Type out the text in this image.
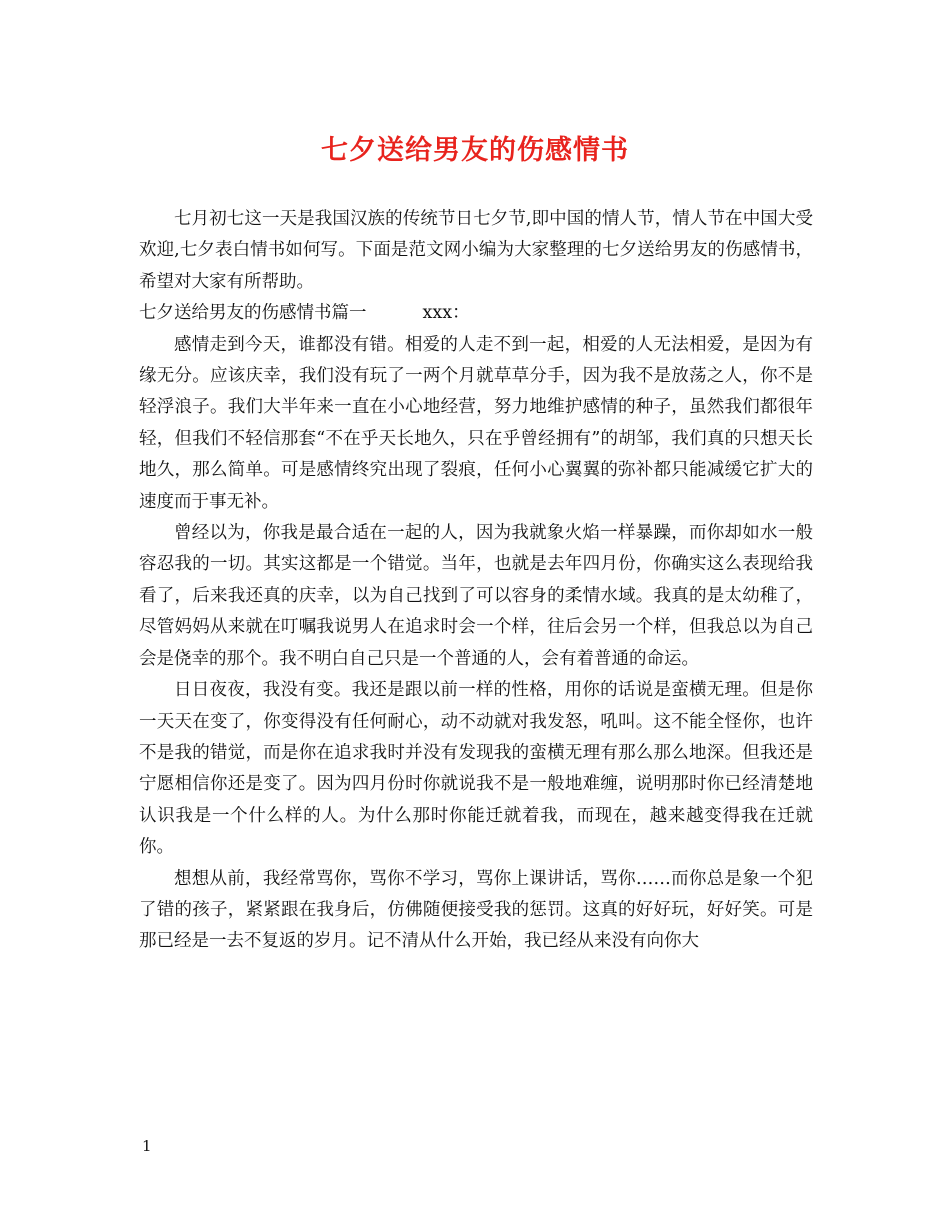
七夕送给男友的伤感情书

七月初七这一天是我国汉族的传统节日七夕节,即中国的情人节，情人节在中国大受欢迎,七夕表白情书如何写。下面是范文网小编为大家整理的七夕送给男友的伤感情书，希望对大家有所帮助。

七夕送给男友的伤感情书篇一	xxx：

感情走到今天，谁都没有错。相爱的人走不到一起，相爱的人无法相爱，是因为有缘无分。应该庆幸，我们没有玩了一两个月就草草分手，因为我不是放荡之人，你不是轻浮浪子。我们大半年来一直在小心地经营，努力地维护感情的种子，虽然我们都很年轻，但我们不轻信那套“不在乎天长地久，只在乎曾经拥有”的胡邹，我们真的只想天长地久，那么简单。可是感情终究出现了裂痕，任何小心翼翼的弥补都只能减缓它扩大的速度而于事无补。

曾经以为，你我是最合适在一起的人，因为我就象火焰一样暴躁，而你却如水一般容忍我的一切。其实这都是一个错觉。当年，也就是去年四月份，你确实这么表现给我看了，后来我还真的庆幸，以为自己找到了可以容身的柔情水域。我真的是太幼稚了，尽管妈妈从来就在叮嘱我说男人在追求时会一个样，往后会另一个样，但我总以为自己会是侥幸的那个。我不明白自己只是一个普通的人，会有着普通的命运。

日日夜夜，我没有变。我还是跟以前一样的性格，用你的话说是蛮横无理。但是你一天天在变了，你变得没有任何耐心，动不动就对我发怒，吼叫。这不能全怪你，也许不是我的错觉，而是你在追求我时并没有发现我的蛮横无理有那么那么地深。但我还是宁愿相信你还是变了。因为四月份时你就说我不是一般地难缠，说明那时你已经清楚地认识我是一个什么样的人。为什么那时你能迁就着我，而现在，越来越变得我在迁就你。

想想从前，我经常骂你，骂你不学习，骂你上课讲话，骂你……而你总是象一个犯了错的孩子，紧紧跟在我身后，仿佛随便接受我的惩罚。这真的好好玩，好好笑。可是那已经是一去不复返的岁月。记不清从什么开始，我已经从来没有向你大

1
